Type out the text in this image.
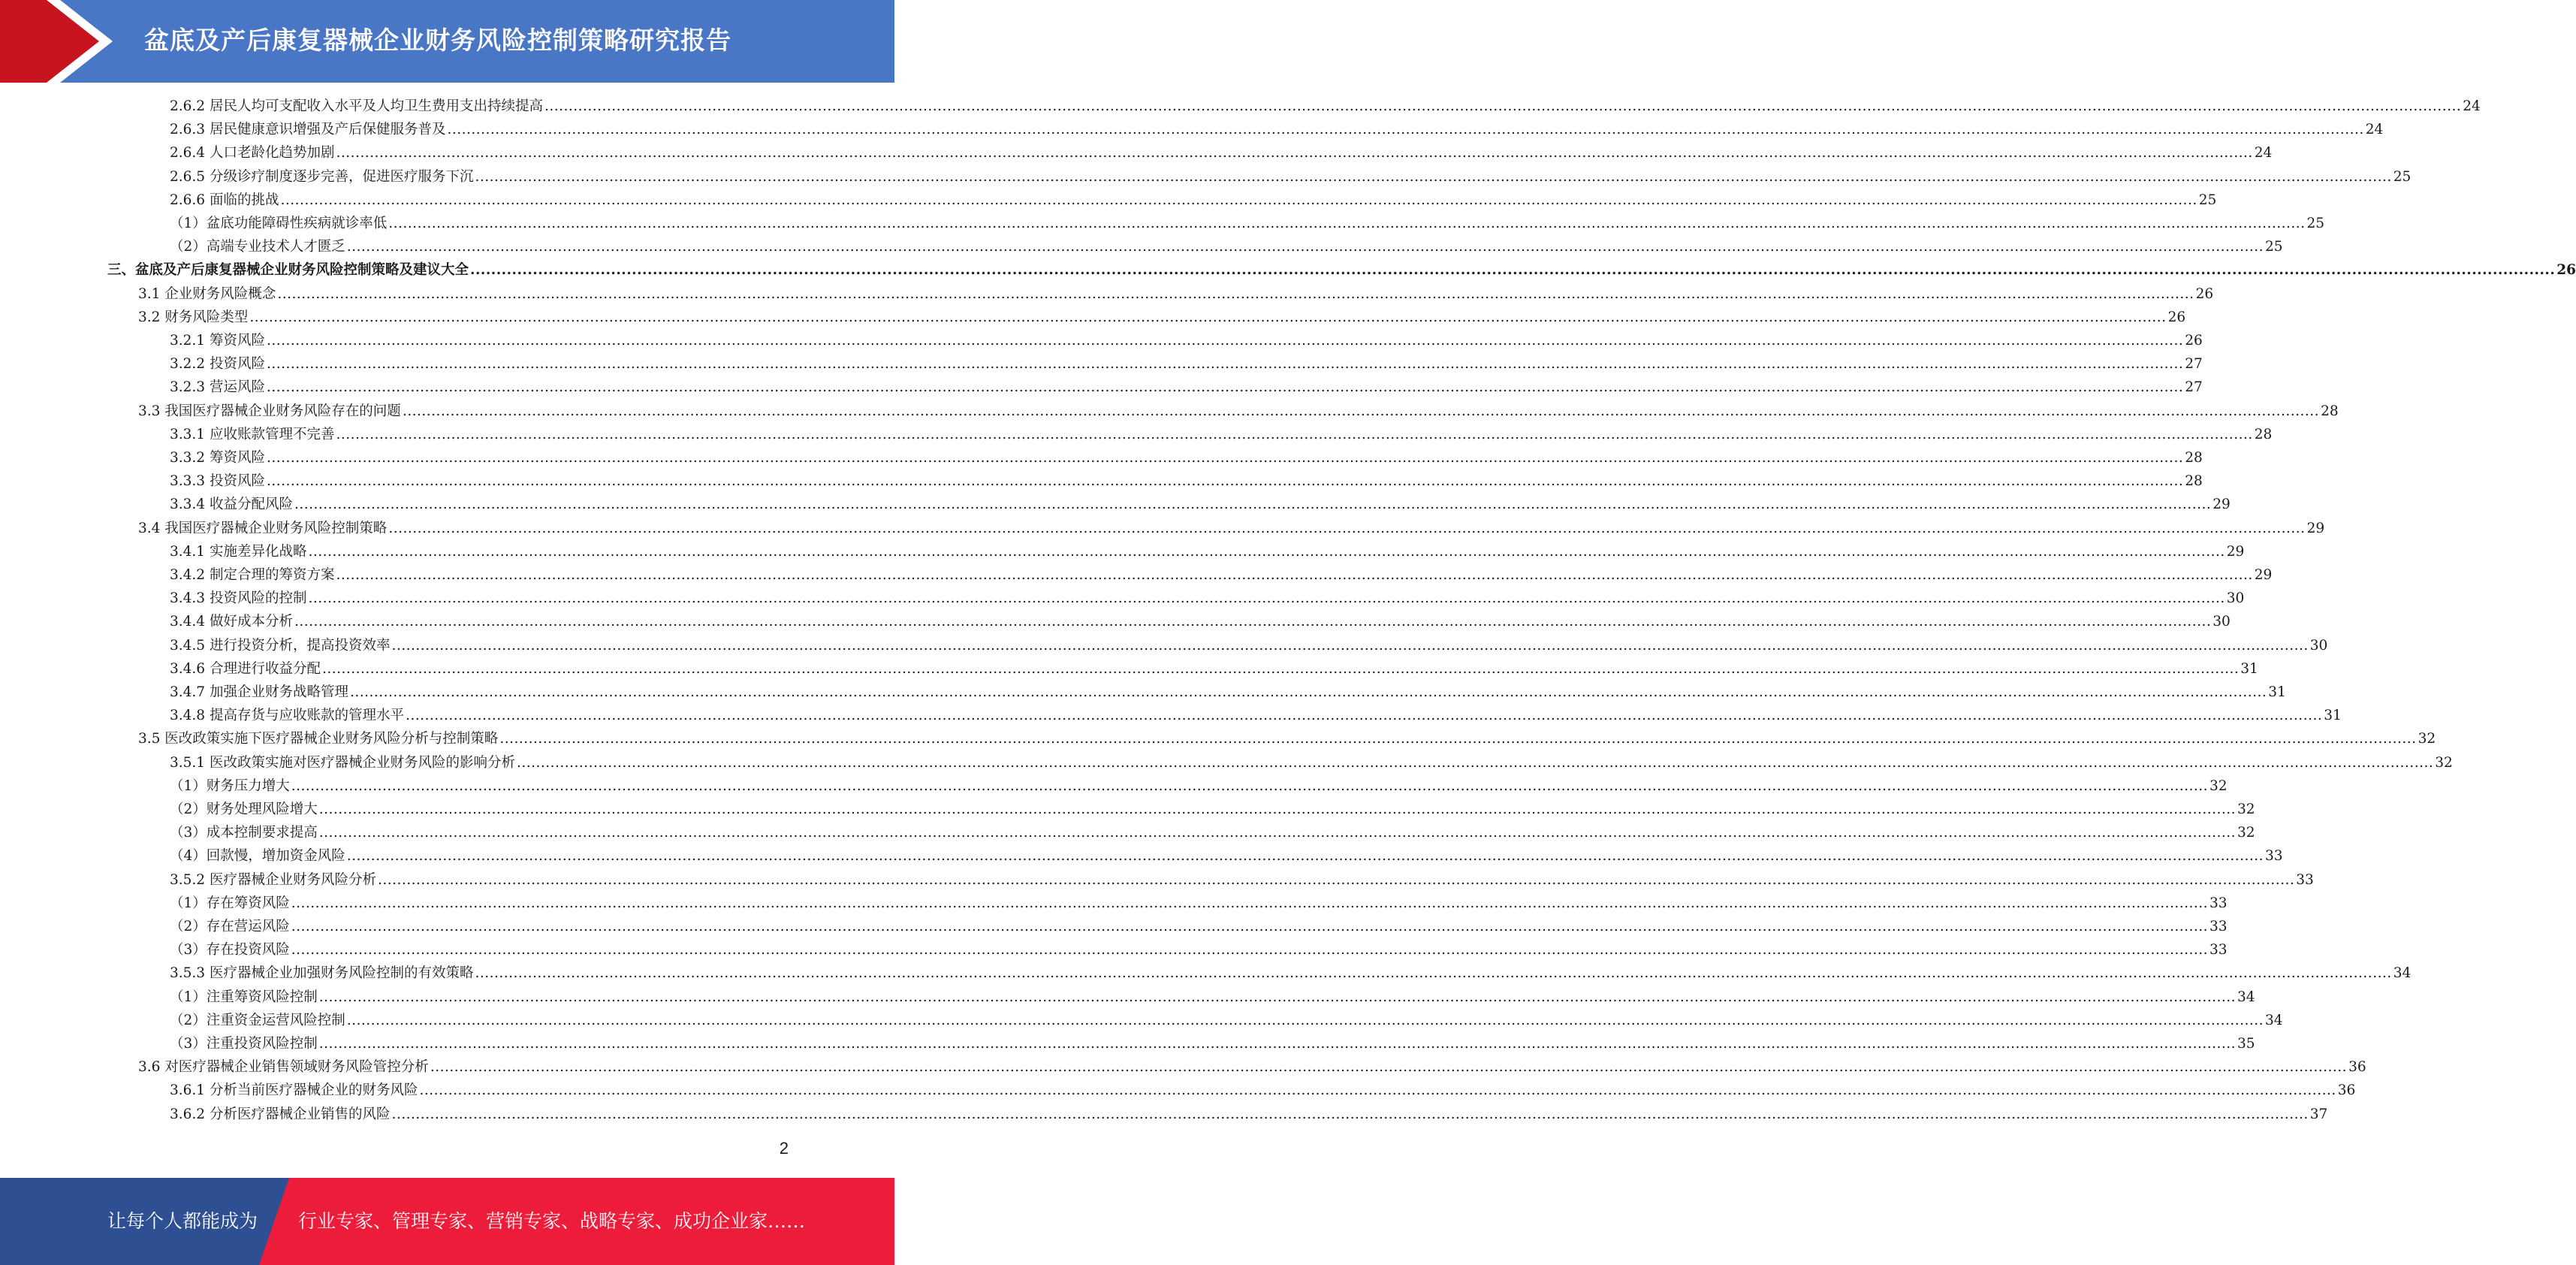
盆底及产后康复器械企业财务风险控制策略研究报告
2.6.2 居民人均可支配收入水平及人均卫生费用支出持续提高 ................................................................................................................................................................................................................................................................................................................................................................................................................ 24
2.6.3 居民健康意识增强及产后保健服务普及 ................................................................................................................................................................................................................................................................................................................................................................................................................ 24
2.6.4 人口老龄化趋势加剧 ................................................................................................................................................................................................................................................................................................................................................................................................................ 24
2.6.5 分级诊疗制度逐步完善，促进医疗服务下沉 ................................................................................................................................................................................................................................................................................................................................................................................................................ 25
2.6.6 面临的挑战 ................................................................................................................................................................................................................................................................................................................................................................................................................ 25
（1）盆底功能障碍性疾病就诊率低 ................................................................................................................................................................................................................................................................................................................................................................................................................ 25
（2）高端专业技术人才匮乏 ................................................................................................................................................................................................................................................................................................................................................................................................................ 25
三、盆底及产后康复器械企业财务风险控制策略及建议大全 ................................................................................................................................................................................................................................................................................................................................................................................................................ 26
3.1 企业财务风险概念 ................................................................................................................................................................................................................................................................................................................................................................................................................ 26
3.2 财务风险类型 ................................................................................................................................................................................................................................................................................................................................................................................................................ 26
3.2.1 筹资风险 ................................................................................................................................................................................................................................................................................................................................................................................................................ 26
3.2.2 投资风险 ................................................................................................................................................................................................................................................................................................................................................................................................................ 27
3.2.3 营运风险 ................................................................................................................................................................................................................................................................................................................................................................................................................ 27
3.3 我国医疗器械企业财务风险存在的问题 ................................................................................................................................................................................................................................................................................................................................................................................................................ 28
3.3.1 应收账款管理不完善 ................................................................................................................................................................................................................................................................................................................................................................................................................ 28
3.3.2 筹资风险 ................................................................................................................................................................................................................................................................................................................................................................................................................ 28
3.3.3 投资风险 ................................................................................................................................................................................................................................................................................................................................................................................................................ 28
3.3.4 收益分配风险 ................................................................................................................................................................................................................................................................................................................................................................................................................ 29
3.4 我国医疗器械企业财务风险控制策略 ................................................................................................................................................................................................................................................................................................................................................................................................................ 29
3.4.1 实施差异化战略 ................................................................................................................................................................................................................................................................................................................................................................................................................ 29
3.4.2 制定合理的筹资方案 ................................................................................................................................................................................................................................................................................................................................................................................................................ 29
3.4.3 投资风险的控制 ................................................................................................................................................................................................................................................................................................................................................................................................................ 30
3.4.4 做好成本分析 ................................................................................................................................................................................................................................................................................................................................................................................................................ 30
3.4.5 进行投资分析，提高投资效率 ................................................................................................................................................................................................................................................................................................................................................................................................................ 30
3.4.6 合理进行收益分配 ................................................................................................................................................................................................................................................................................................................................................................................................................ 31
3.4.7 加强企业财务战略管理 ................................................................................................................................................................................................................................................................................................................................................................................................................ 31
3.4.8 提高存货与应收账款的管理水平 ................................................................................................................................................................................................................................................................................................................................................................................................................ 31
3.5 医改政策实施下医疗器械企业财务风险分析与控制策略 ................................................................................................................................................................................................................................................................................................................................................................................................................ 32
3.5.1 医改政策实施对医疗器械企业财务风险的影响分析 ................................................................................................................................................................................................................................................................................................................................................................................................................ 32
（1）财务压力增大 ................................................................................................................................................................................................................................................................................................................................................................................................................ 32
（2）财务处理风险增大 ................................................................................................................................................................................................................................................................................................................................................................................................................ 32
（3）成本控制要求提高 ................................................................................................................................................................................................................................................................................................................................................................................................................ 32
（4）回款慢，增加资金风险 ................................................................................................................................................................................................................................................................................................................................................................................................................ 33
3.5.2 医疗器械企业财务风险分析 ................................................................................................................................................................................................................................................................................................................................................................................................................ 33
（1）存在筹资风险 ................................................................................................................................................................................................................................................................................................................................................................................................................ 33
（2）存在营运风险 ................................................................................................................................................................................................................................................................................................................................................................................................................ 33
（3）存在投资风险 ................................................................................................................................................................................................................................................................................................................................................................................................................ 33
3.5.3 医疗器械企业加强财务风险控制的有效策略 ................................................................................................................................................................................................................................................................................................................................................................................................................ 34
（1）注重筹资风险控制 ................................................................................................................................................................................................................................................................................................................................................................................................................ 34
（2）注重资金运营风险控制 ................................................................................................................................................................................................................................................................................................................................................................................................................ 34
（3）注重投资风险控制 ................................................................................................................................................................................................................................................................................................................................................................................................................ 35
3.6 对医疗器械企业销售领域财务风险管控分析 ................................................................................................................................................................................................................................................................................................................................................................................................................ 36
3.6.1 分析当前医疗器械企业的财务风险 ................................................................................................................................................................................................................................................................................................................................................................................................................ 36
3.6.2 分析医疗器械企业销售的风险 ................................................................................................................................................................................................................................................................................................................................................................................................................ 37
2
让每个人都能成为 行业专家、管理专家、营销专家、战略专家、成功企业家……
